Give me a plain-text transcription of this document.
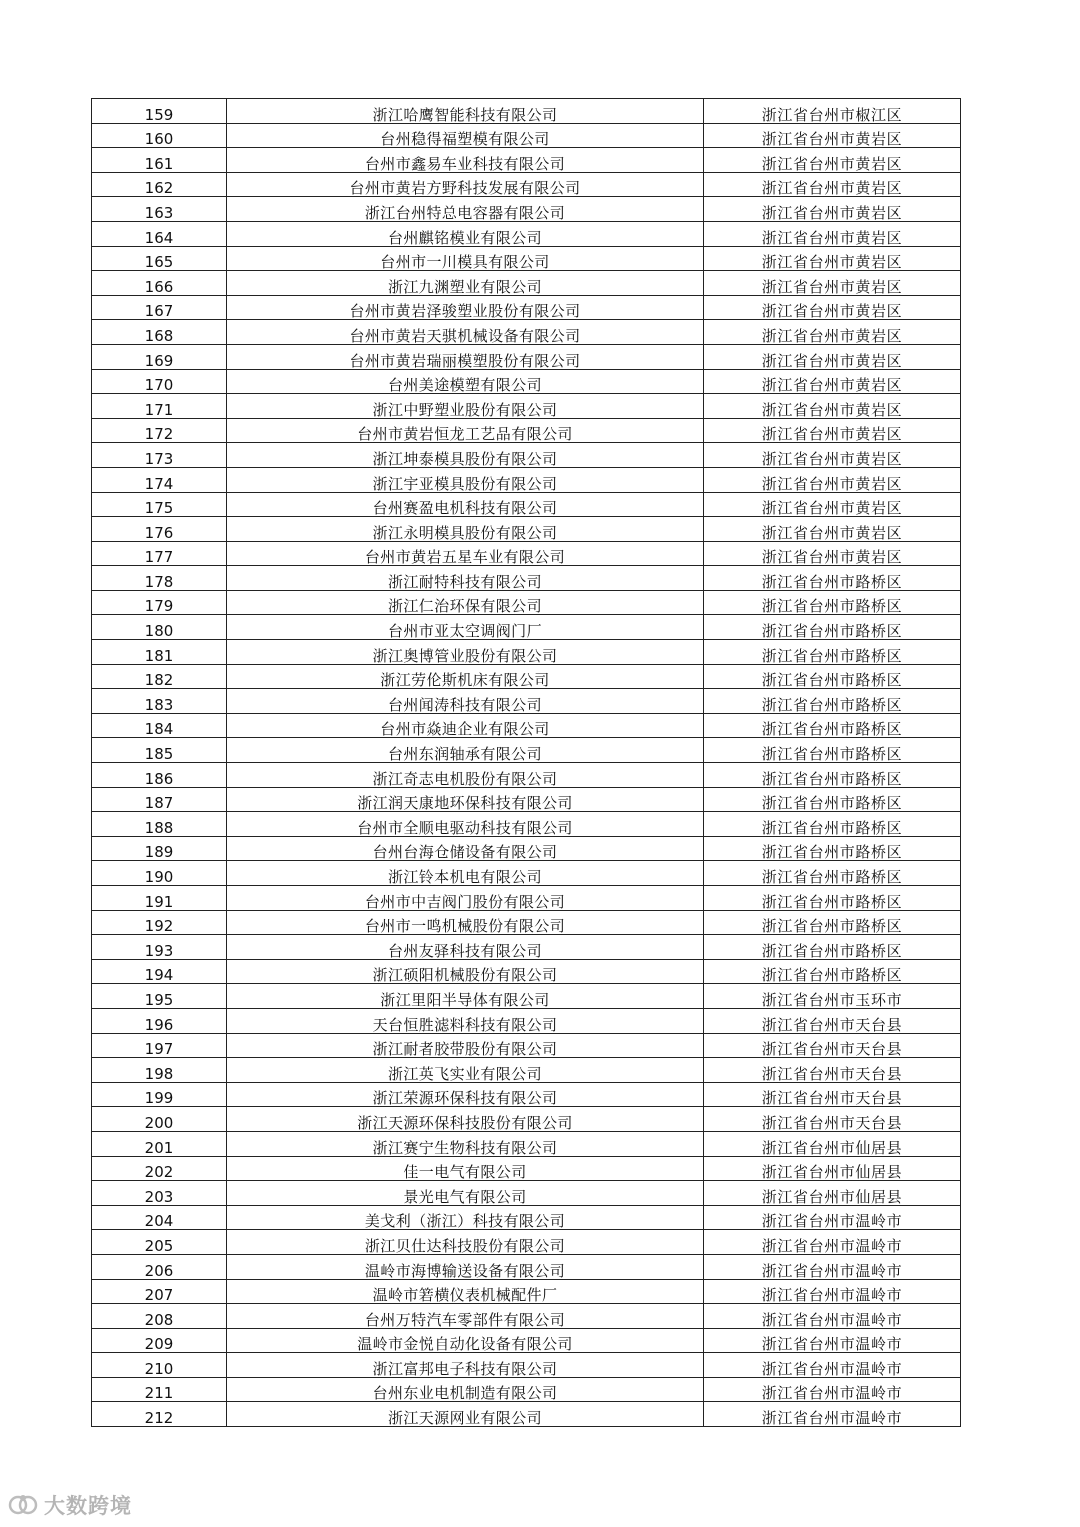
159	浙江哈鹰智能科技有限公司	浙江省台州市椒江区
160	台州稳得福塑模有限公司	浙江省台州市黄岩区
161	台州市鑫易车业科技有限公司	浙江省台州市黄岩区
162	台州市黄岩方野科技发展有限公司	浙江省台州市黄岩区
163	浙江台州特总电容器有限公司	浙江省台州市黄岩区
164	台州麒铭模业有限公司	浙江省台州市黄岩区
165	台州市一川模具有限公司	浙江省台州市黄岩区
166	浙江九渊塑业有限公司	浙江省台州市黄岩区
167	台州市黄岩泽骏塑业股份有限公司	浙江省台州市黄岩区
168	台州市黄岩天骐机械设备有限公司	浙江省台州市黄岩区
169	台州市黄岩瑞丽模塑股份有限公司	浙江省台州市黄岩区
170	台州美途模塑有限公司	浙江省台州市黄岩区
171	浙江中野塑业股份有限公司	浙江省台州市黄岩区
172	台州市黄岩恒龙工艺品有限公司	浙江省台州市黄岩区
173	浙江坤泰模具股份有限公司	浙江省台州市黄岩区
174	浙江宇亚模具股份有限公司	浙江省台州市黄岩区
175	台州赛盈电机科技有限公司	浙江省台州市黄岩区
176	浙江永明模具股份有限公司	浙江省台州市黄岩区
177	台州市黄岩五星车业有限公司	浙江省台州市黄岩区
178	浙江耐特科技有限公司	浙江省台州市路桥区
179	浙江仁治环保有限公司	浙江省台州市路桥区
180	台州市亚太空调阀门厂	浙江省台州市路桥区
181	浙江奥博管业股份有限公司	浙江省台州市路桥区
182	浙江劳伦斯机床有限公司	浙江省台州市路桥区
183	台州闻涛科技有限公司	浙江省台州市路桥区
184	台州市焱迪企业有限公司	浙江省台州市路桥区
185	台州东润轴承有限公司	浙江省台州市路桥区
186	浙江奇志电机股份有限公司	浙江省台州市路桥区
187	浙江润天康地环保科技有限公司	浙江省台州市路桥区
188	台州市全顺电驱动科技有限公司	浙江省台州市路桥区
189	台州台海仓储设备有限公司	浙江省台州市路桥区
190	浙江铃本机电有限公司	浙江省台州市路桥区
191	台州市中吉阀门股份有限公司	浙江省台州市路桥区
192	台州市一鸣机械股份有限公司	浙江省台州市路桥区
193	台州友驿科技有限公司	浙江省台州市路桥区
194	浙江硕阳机械股份有限公司	浙江省台州市路桥区
195	浙江里阳半导体有限公司	浙江省台州市玉环市
196	天台恒胜滤料科技有限公司	浙江省台州市天台县
197	浙江耐者胶带股份有限公司	浙江省台州市天台县
198	浙江英飞实业有限公司	浙江省台州市天台县
199	浙江荣源环保科技有限公司	浙江省台州市天台县
200	浙江天源环保科技股份有限公司	浙江省台州市天台县
201	浙江赛宁生物科技有限公司	浙江省台州市仙居县
202	佳一电气有限公司	浙江省台州市仙居县
203	景光电气有限公司	浙江省台州市仙居县
204	美戈利（浙江）科技有限公司	浙江省台州市温岭市
205	浙江贝仕达科技股份有限公司	浙江省台州市温岭市
206	温岭市海博输送设备有限公司	浙江省台州市温岭市
207	温岭市箬横仪表机械配件厂	浙江省台州市温岭市
208	台州万特汽车零部件有限公司	浙江省台州市温岭市
209	温岭市金悦自动化设备有限公司	浙江省台州市温岭市
210	浙江富邦电子科技有限公司	浙江省台州市温岭市
211	台州东业电机制造有限公司	浙江省台州市温岭市
212	浙江天源网业有限公司	浙江省台州市温岭市
大数跨境
